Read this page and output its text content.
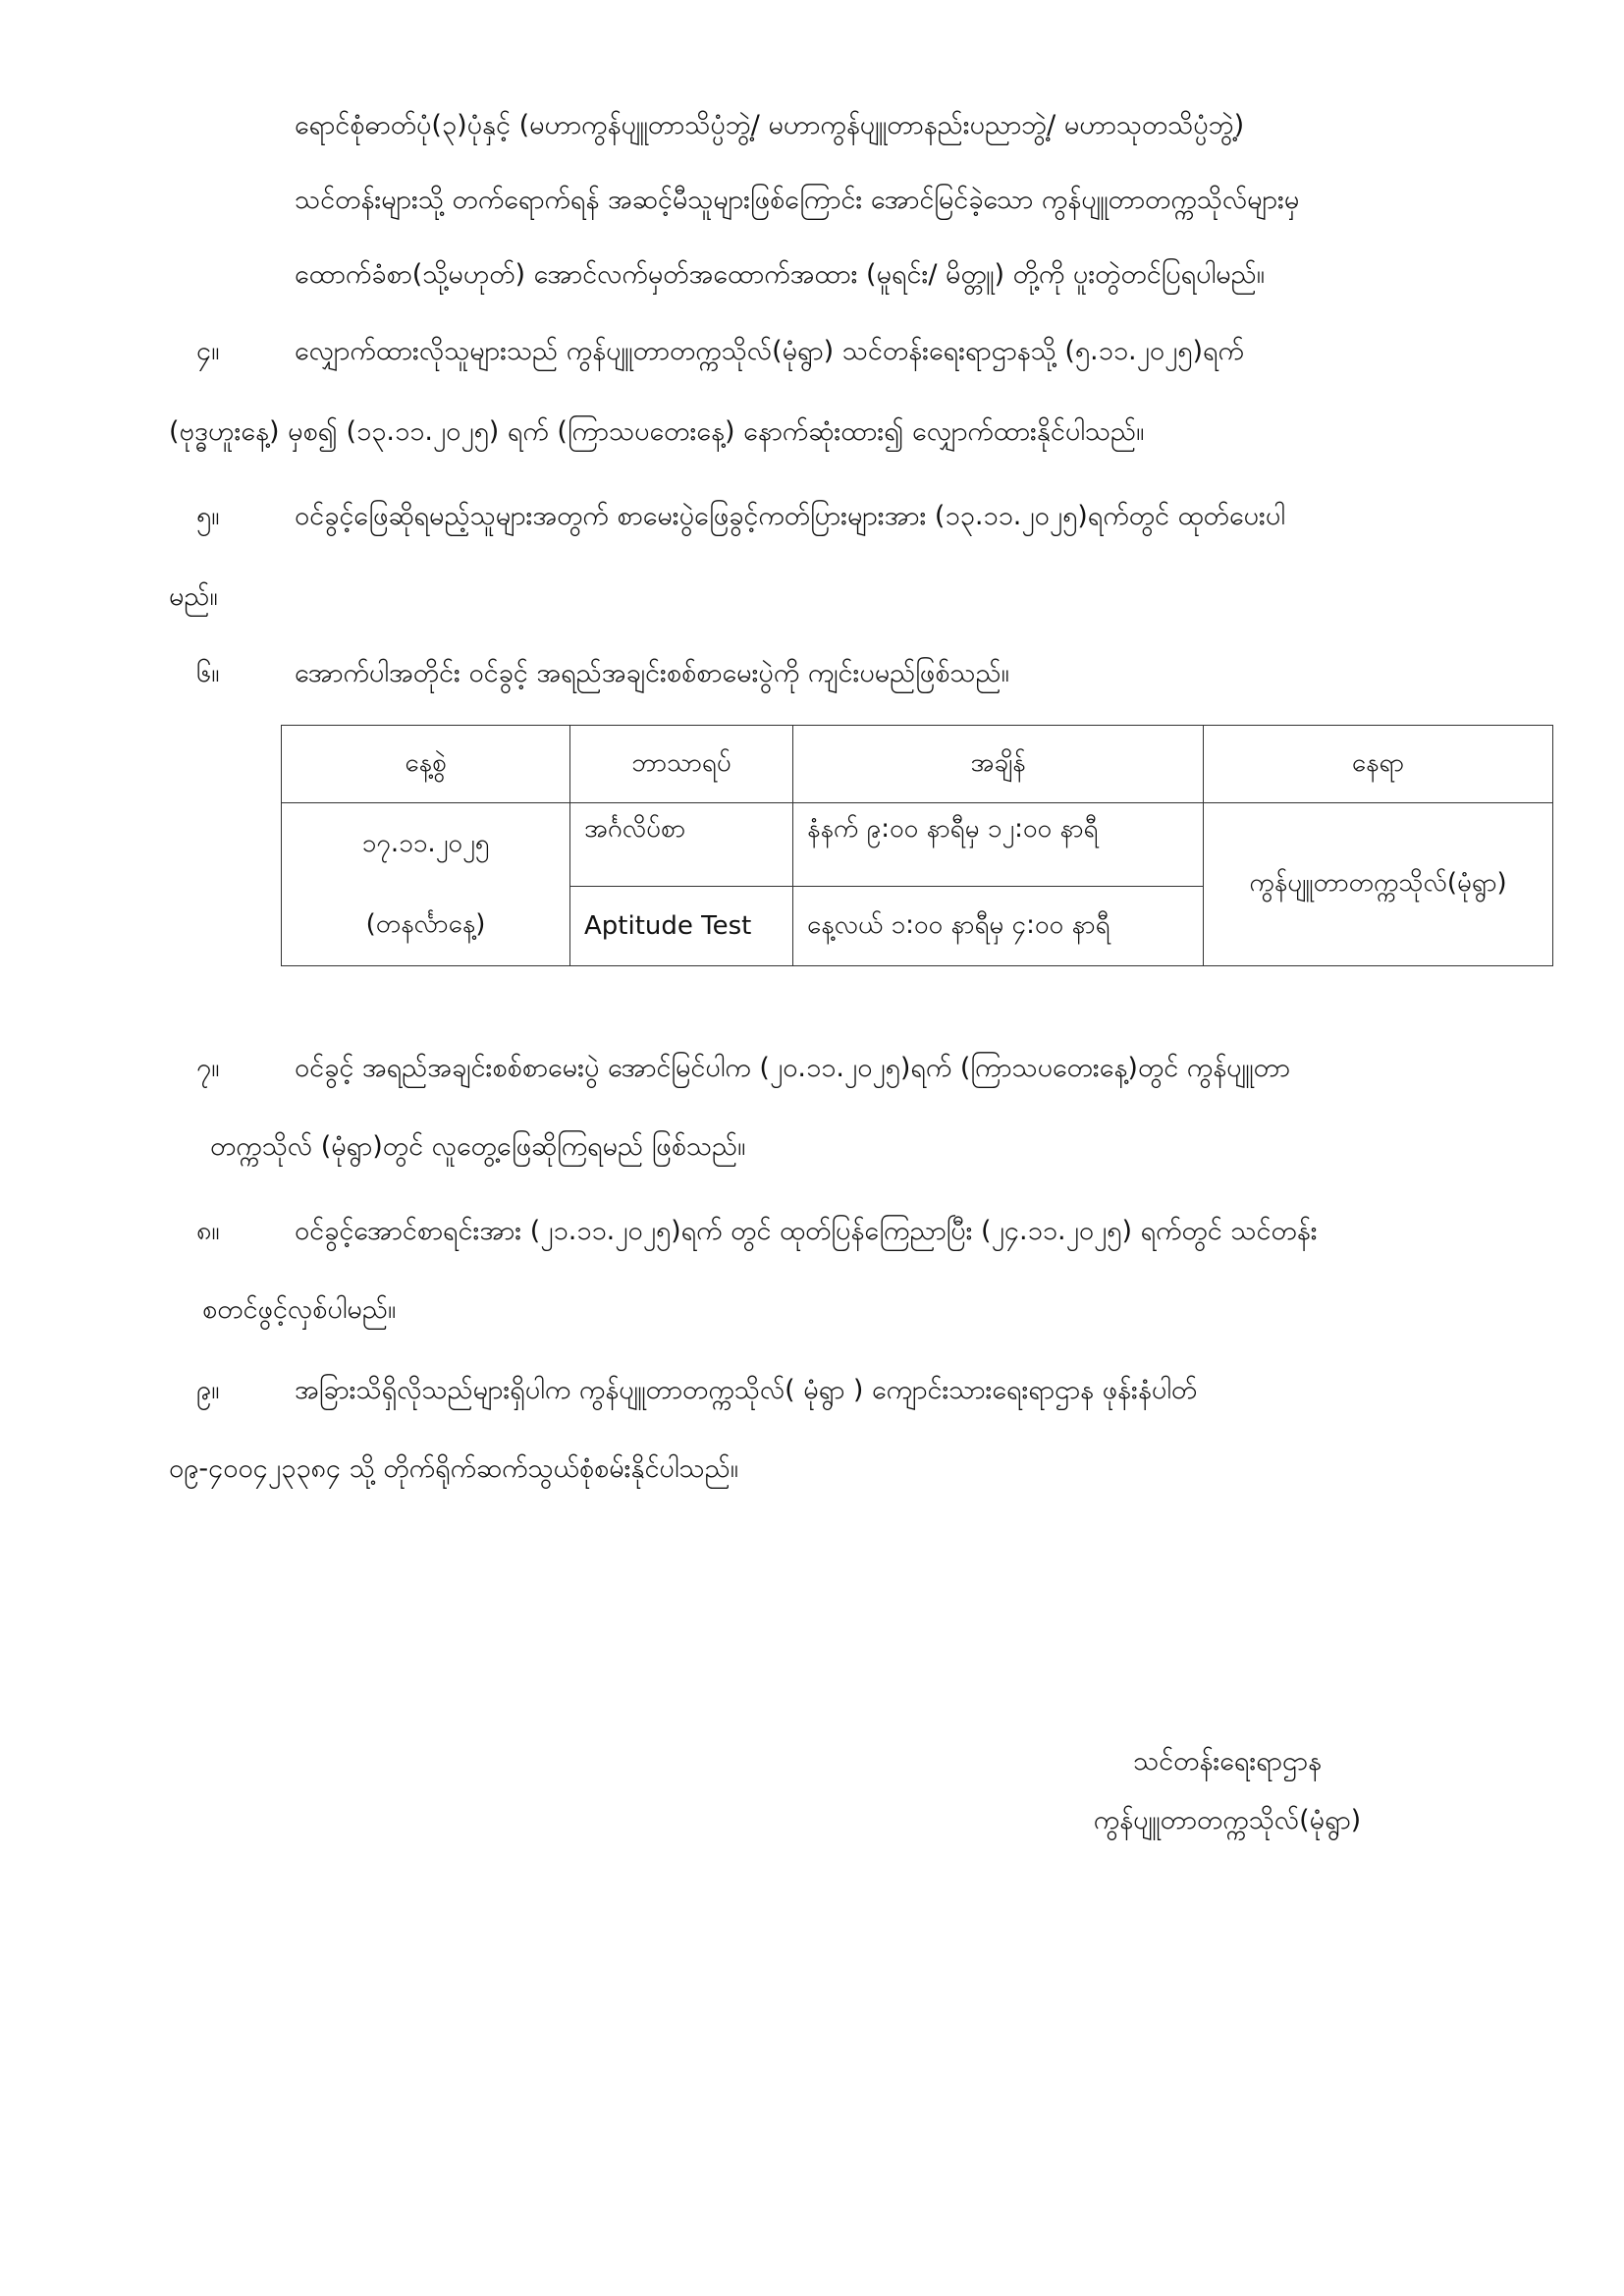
ရောင်စုံဓာတ်ပုံ(၃)ပုံနှင့် (မဟာကွန်ပျူတာသိပ္ပံဘွဲ့/ မဟာကွန်ပျူတာနည်းပညာဘွဲ့/ မဟာသုတသိပ္ပံဘွဲ့)
သင်တန်းများသို့ တက်ရောက်ရန် အဆင့်မီသူများဖြစ်ကြောင်း အောင်မြင်ခဲ့သော ကွန်ပျူတာတက္ကသိုလ်များမှ
ထောက်ခံစာ(သို့မဟုတ်) အောင်လက်မှတ်အထောက်အထား (မူရင်း/ မိတ္တူ) တို့ကို ပူးတွဲတင်ပြရပါမည်။
၄။	လျှောက်ထားလိုသူများသည် ကွန်ပျူတာတက္ကသိုလ်(မုံရွာ) သင်တန်းရေးရာဌာနသို့ (၅.၁၁.၂၀၂၅)ရက်
(ဗုဒ္ဓဟူးနေ့) မှစ၍ (၁၃.၁၁.၂၀၂၅) ရက် (ကြာသပတေးနေ့) နောက်ဆုံးထား၍ လျှောက်ထားနိုင်ပါသည်။
၅။	ဝင်ခွင့်ဖြေဆိုရမည့်သူများအတွက် စာမေးပွဲဖြေခွင့်ကတ်ပြားများအား (၁၃.၁၁.၂၀၂၅)ရက်တွင် ထုတ်ပေးပါ
မည်။
၆။	အောက်ပါအတိုင်း ဝင်ခွင့် အရည်အချင်းစစ်စာမေးပွဲကို ကျင်းပမည်ဖြစ်သည်။
နေ့စွဲ	ဘာသာရပ်	အချိန်	နေရာ
၁၇.၁၁.၂၀၂၅	အင်္ဂလိပ်စာ	နံနက် ၉:၀၀ နာရီမှ ၁၂:၀၀ နာရီ	ကွန်ပျူတာတက္ကသိုလ်(မုံရွာ)
(တနင်္လာနေ့)	Aptitude Test	နေ့လယ် ၁:၀၀ နာရီမှ ၄:၀၀ နာရီ	
၇။	ဝင်ခွင့် အရည်အချင်းစစ်စာမေးပွဲ အောင်မြင်ပါက (၂၀.၁၁.၂၀၂၅)ရက် (ကြာသပတေးနေ့)တွင် ကွန်ပျူတာ
တက္ကသိုလ် (မုံရွာ)တွင် လူတွေ့ဖြေဆိုကြရမည် ဖြစ်သည်။
၈။	ဝင်ခွင့်အောင်စာရင်းအား (၂၁.၁၁.၂၀၂၅)ရက် တွင် ထုတ်ပြန်ကြေညာပြီး (၂၄.၁၁.၂၀၂၅) ရက်တွင် သင်တန်း
စတင်ဖွင့်လှစ်ပါမည်။
၉။	အခြားသိရှိလိုသည်များရှိပါက ကွန်ပျူတာတက္ကသိုလ်( မုံရွာ ) ကျောင်းသားရေးရာဌာန ဖုန်းနံပါတ်
၀၉-၄၀၀၄၂၃၃၈၄ သို့ တိုက်ရိုက်ဆက်သွယ်စုံစမ်းနိုင်ပါသည်။
သင်တန်းရေးရာဌာန
ကွန်ပျူတာတက္ကသိုလ်(မုံရွာ)
